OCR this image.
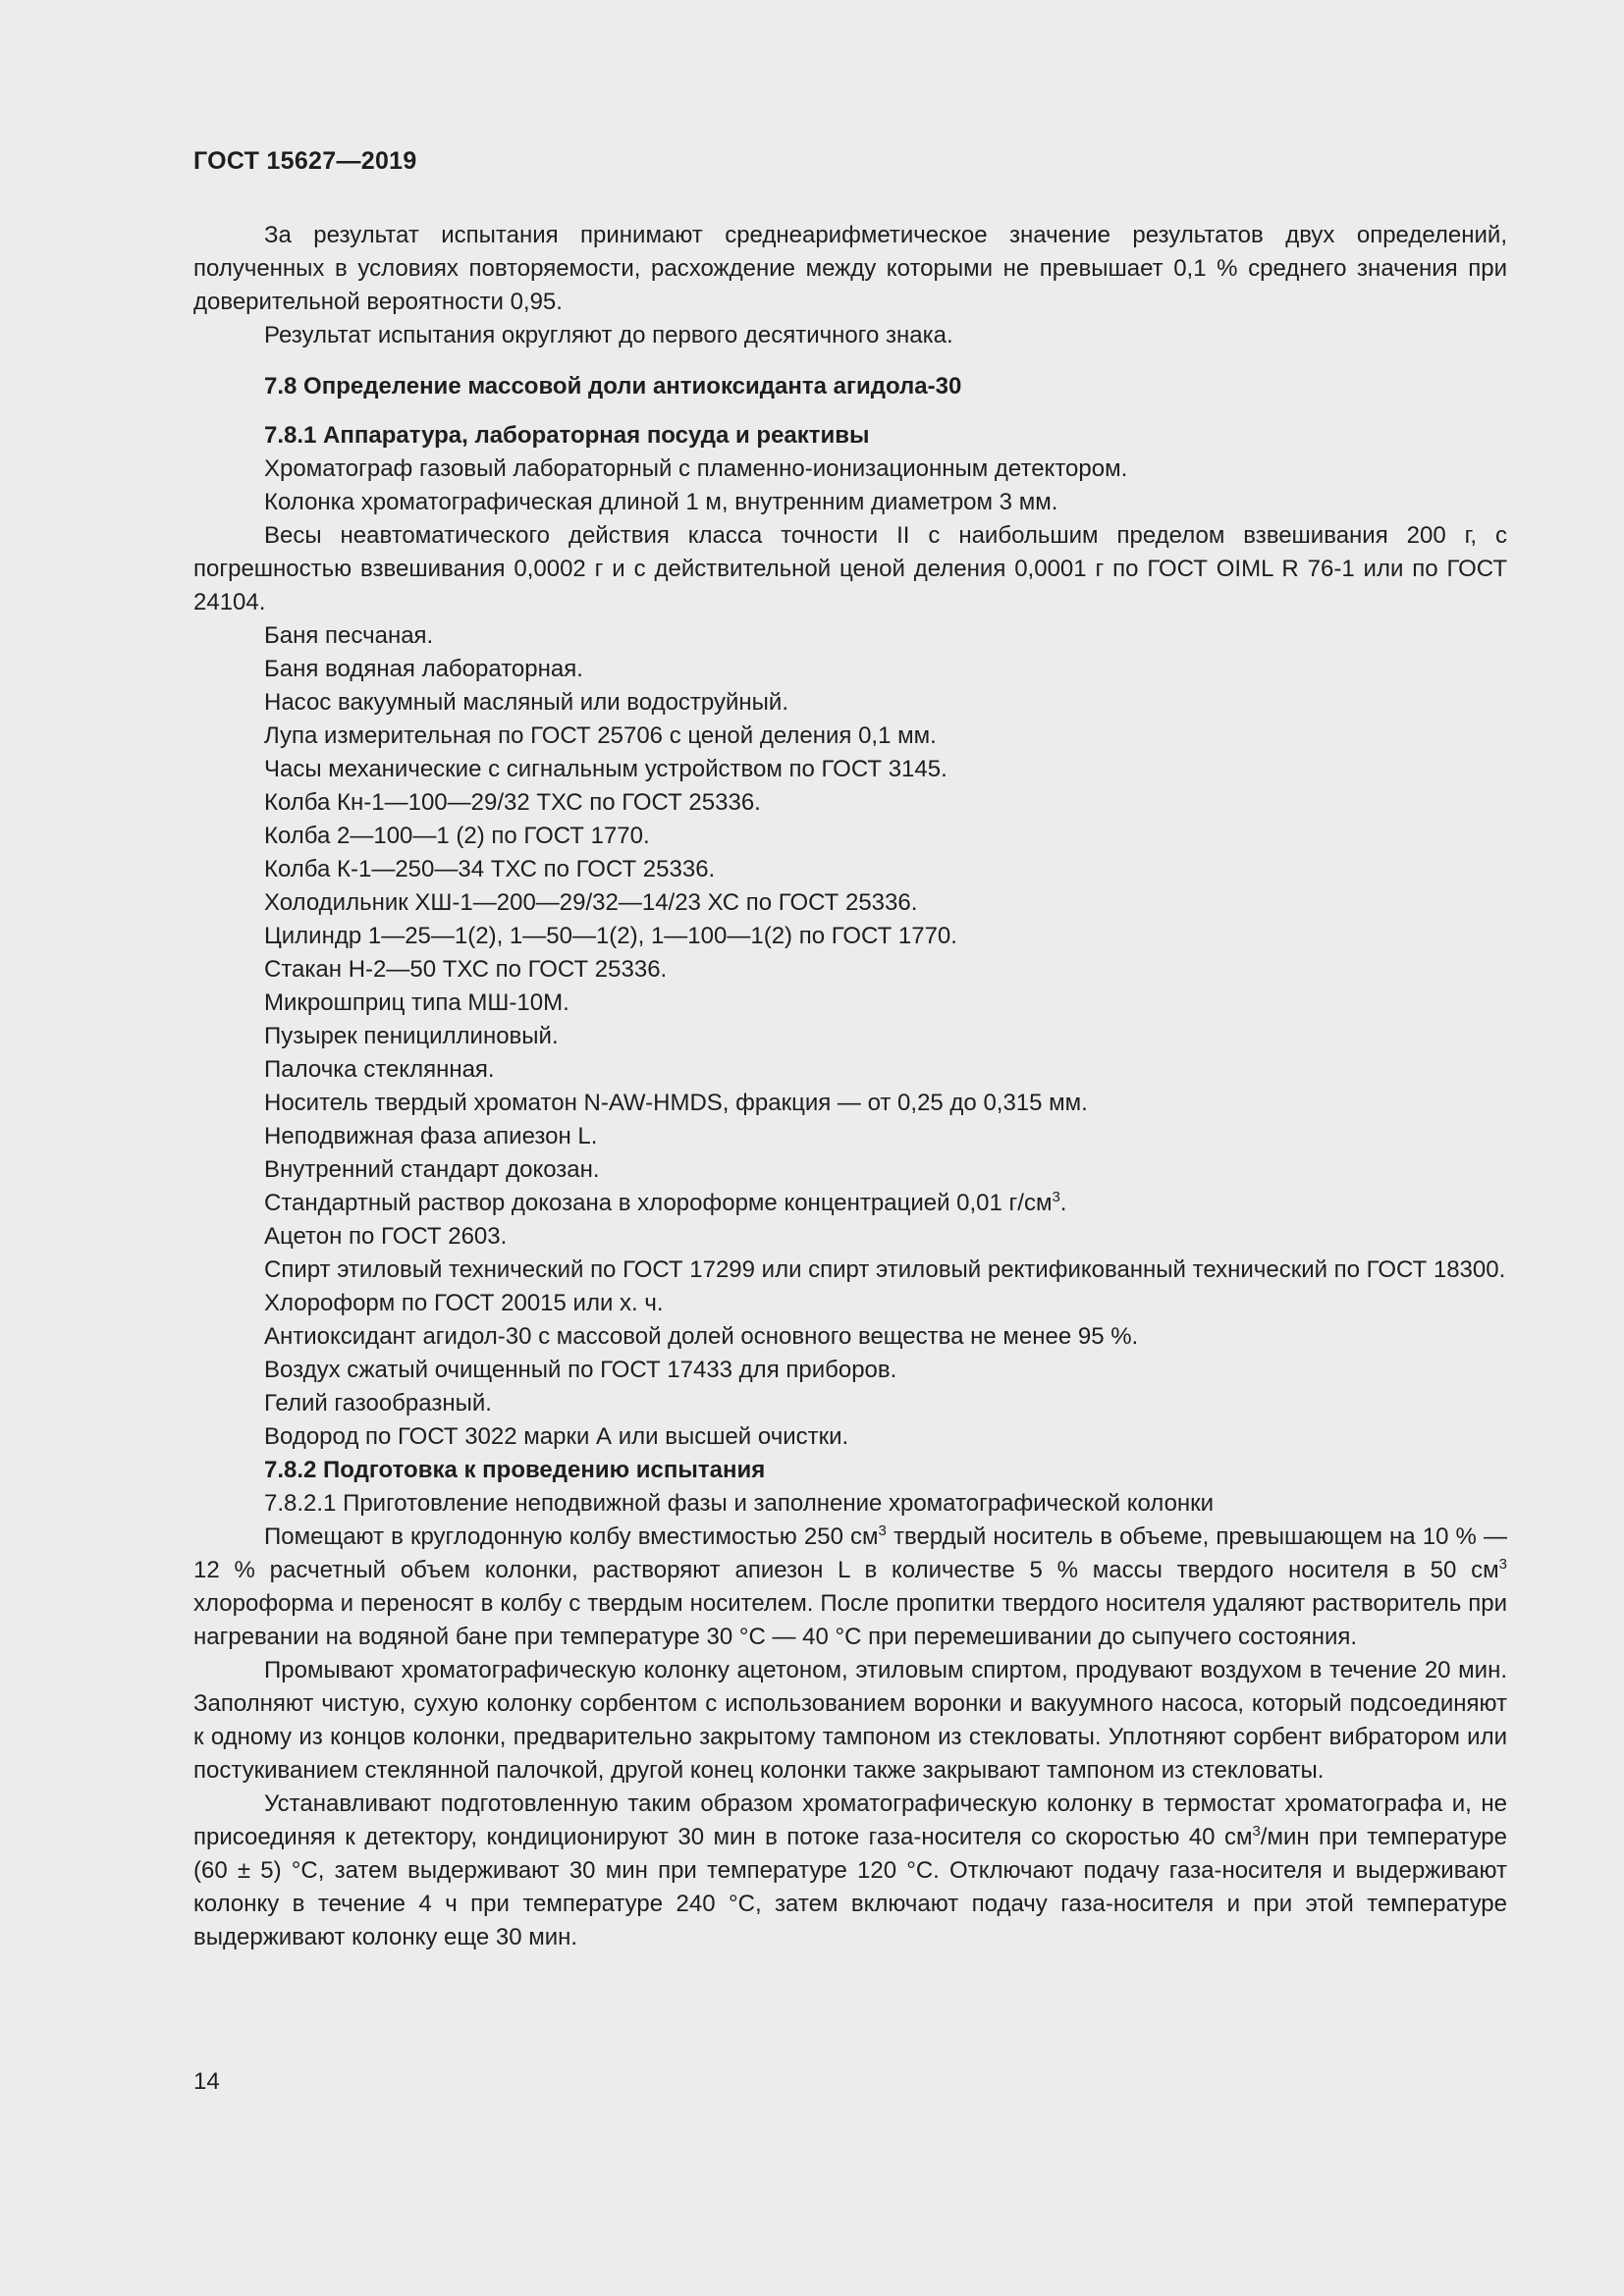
ГОСТ 15627—2019

За результат испытания принимают среднеарифметическое значение результатов двух определений, полученных в условиях повторяемости, расхождение между которыми не превышает 0,1 % среднего значения при доверительной вероятности 0,95.

Результат испытания округляют до первого десятичного знака.

7.8 Определение массовой доли антиоксиданта агидола-30

7.8.1 Аппаратура, лабораторная посуда и реактивы

Хроматограф газовый лабораторный с пламенно-ионизационным детектором.

Колонка хроматографическая длиной 1 м, внутренним диаметром 3 мм.

Весы неавтоматического действия класса точности II с наибольшим пределом взвешивания 200 г, с погрешностью взвешивания 0,0002 г и с действительной ценой деления 0,0001 г по ГОСТ OIML R 76-1 или по ГОСТ 24104.

Баня песчаная.

Баня водяная лабораторная.

Насос вакуумный масляный или водоструйный.

Лупа измерительная по ГОСТ 25706 с ценой деления 0,1 мм.

Часы механические с сигнальным устройством по ГОСТ 3145.

Колба Кн-1—100—29/32 ТХС по ГОСТ 25336.

Колба 2—100—1 (2) по ГОСТ 1770.

Колба К-1—250—34 ТХС по ГОСТ 25336.

Холодильник ХШ-1—200—29/32—14/23 ХС по ГОСТ 25336.

Цилиндр 1—25—1(2), 1—50—1(2), 1—100—1(2) по ГОСТ 1770.

Стакан Н-2—50 ТХС по ГОСТ 25336.

Микрошприц типа МШ-10М.

Пузырек пенициллиновый.

Палочка стеклянная.

Носитель твердый хроматон N-AW-HMDS, фракция — от 0,25 до 0,315 мм.

Неподвижная фаза апиезон L.

Внутренний стандарт докозан.

Стандартный раствор докозана в хлороформе концентрацией 0,01 $г/см^3$.

Ацетон по ГОСТ 2603.

Спирт этиловый технический по ГОСТ 17299 или спирт этиловый ректификованный технический по ГОСТ 18300.

Хлороформ по ГОСТ 20015 или х. ч.

Антиоксидант агидол-30 с массовой долей основного вещества не менее 95 %.

Воздух сжатый очищенный по ГОСТ 17433 для приборов.

Гелий газообразный.

Водород по ГОСТ 3022 марки А или высшей очистки.

7.8.2 Подготовка к проведению испытания

7.8.2.1 Приготовление неподвижной фазы и заполнение хроматографической колонки

Помещают в круглодонную колбу вместимостью 250 $см^3$ твердый носитель в объеме, превышающем на 10 % — 12 % расчетный объем колонки, растворяют апиезон L в количестве 5 % массы твердого носителя в 50 $см^3$ хлороформа и переносят в колбу с твердым носителем. После пропитки твердого носителя удаляют растворитель при нагревании на водяной бане при температуре 30 °С — 40 °С при перемешивании до сыпучего состояния.

Промывают хроматографическую колонку ацетоном, этиловым спиртом, продувают воздухом в течение 20 мин. Заполняют чистую, сухую колонку сорбентом с использованием воронки и вакуумного насоса, который подсоединяют к одному из концов колонки, предварительно закрытому тампоном из стекловаты. Уплотняют сорбент вибратором или постукиванием стеклянной палочкой, другой конец колонки также закрывают тампоном из стекловаты.

Устанавливают подготовленную таким образом хроматографическую колонку в термостат хроматографа и, не присоединяя к детектору, кондиционируют 30 мин в потоке газа-носителя со скоростью 40 $см^3$/мин при температуре (60 ± 5) °С, затем выдерживают 30 мин при температуре 120 °С. Отключают подачу газа-носителя и выдерживают колонку в течение 4 ч при температуре 240 °С, затем включают подачу газа-носителя и при этой температуре выдерживают колонку еще 30 мин.

14
